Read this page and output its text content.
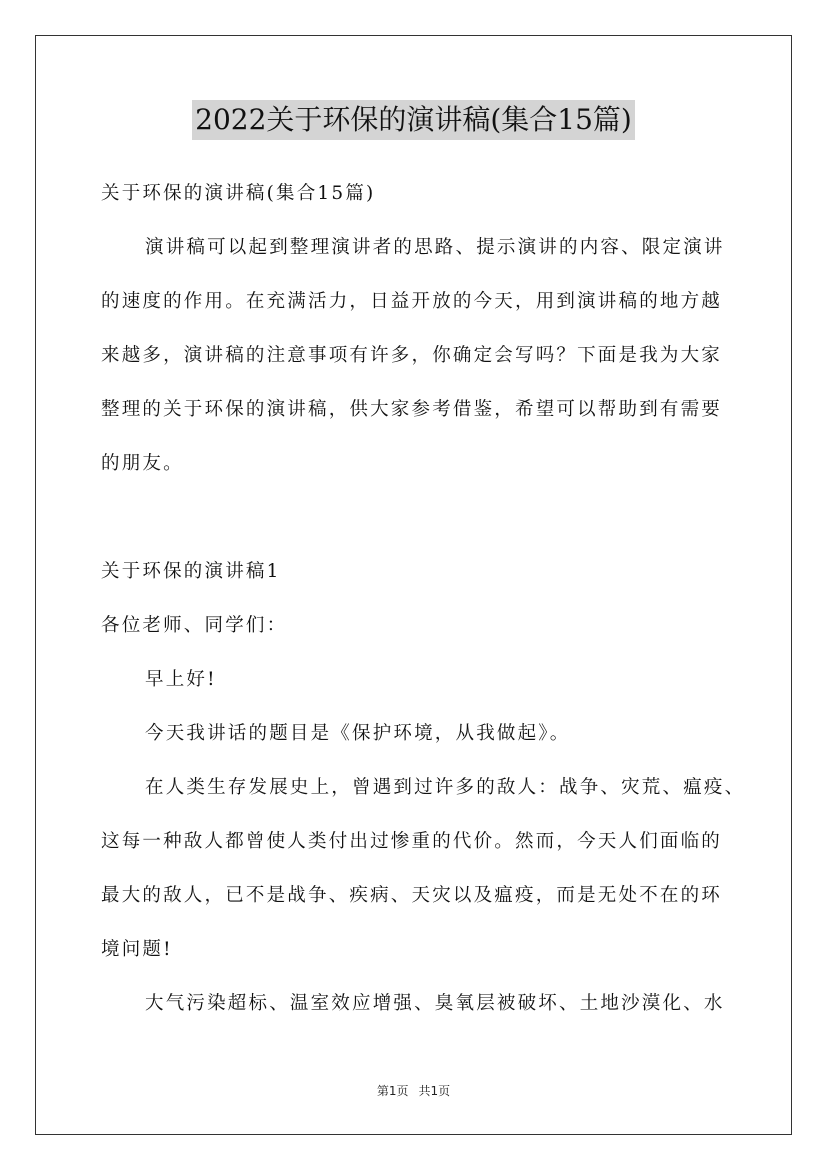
2022关于环保的演讲稿(集合15篇)
关于环保的演讲稿(集合15篇)
演讲稿可以起到整理演讲者的思路、提示演讲的内容、限定演讲
的速度的作用。在充满活力，日益开放的今天，用到演讲稿的地方越
来越多，演讲稿的注意事项有许多，你确定会写吗？下面是我为大家
整理的关于环保的演讲稿，供大家参考借鉴，希望可以帮助到有需要
的朋友。
关于环保的演讲稿1
各位老师、同学们：
早上好!
今天我讲话的题目是《保护环境，从我做起》。
在人类生存发展史上，曾遇到过许多的敌人：战争、灾荒、瘟疫、
这每一种敌人都曾使人类付出过惨重的代价。然而，今天人们面临的
最大的敌人，已不是战争、疾病、天灾以及瘟疫，而是无处不在的环
境问题!
大气污染超标、温室效应增强、臭氧层被破坏、土地沙漠化、水
第1页 共1页
